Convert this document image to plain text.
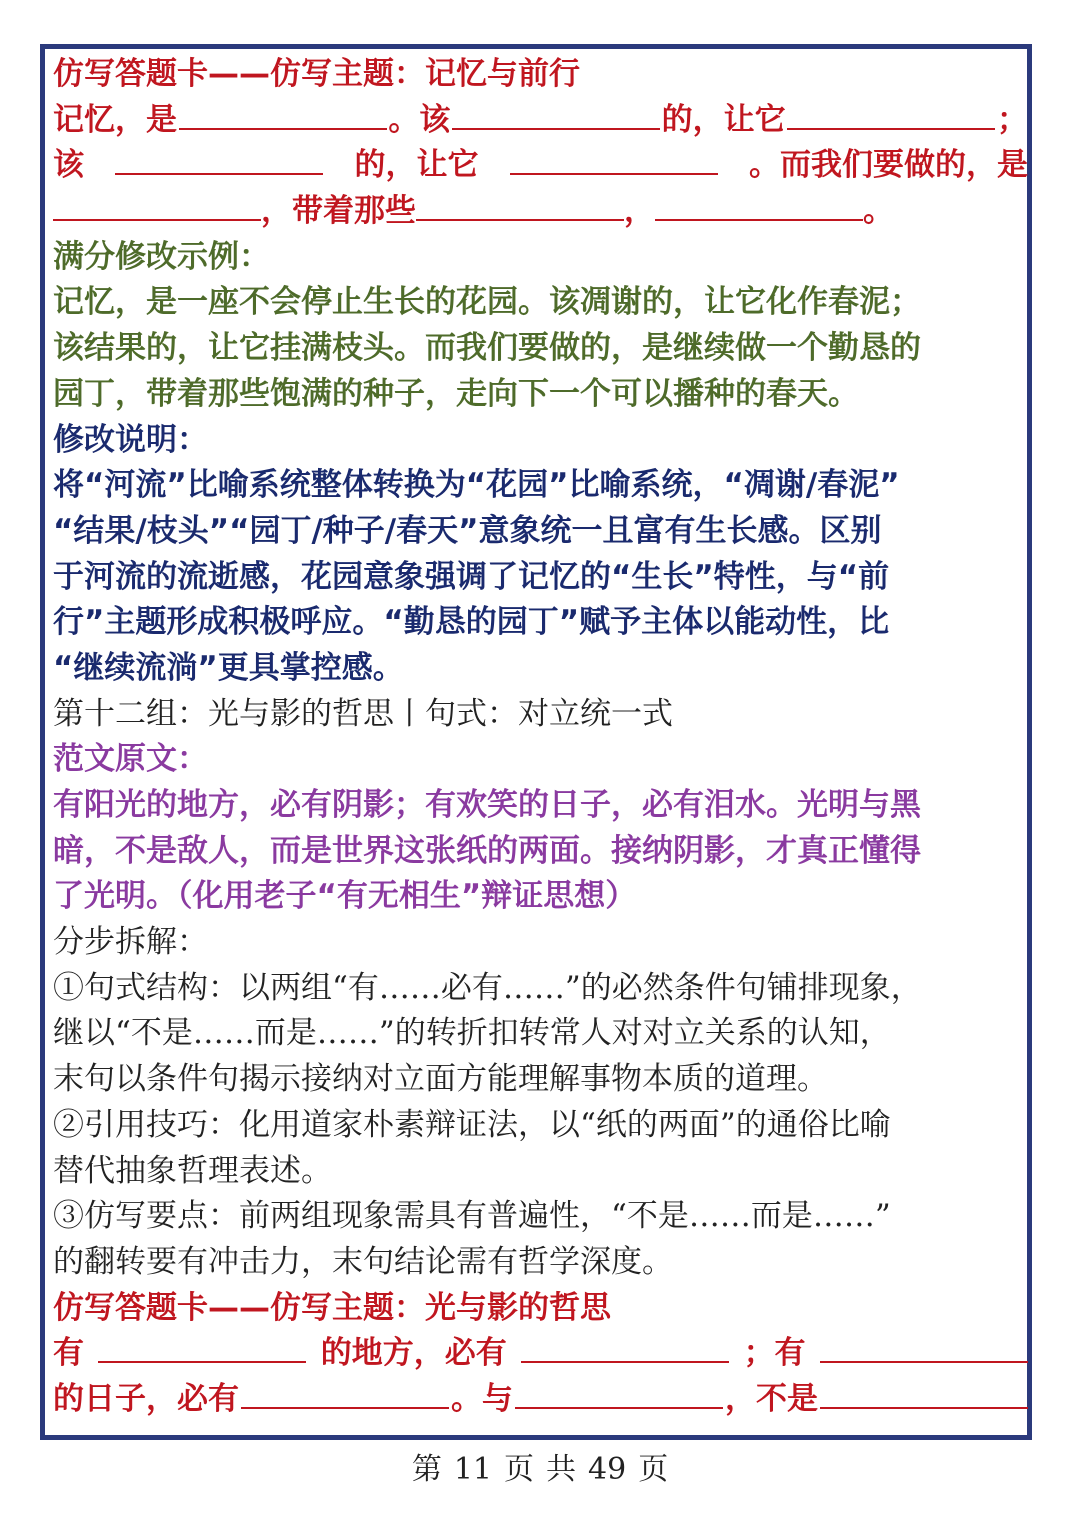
仿写答题卡——仿写主题：记忆与前行
记忆，是	。该	的，让它	；
该	的，让它	。而我们要做的，是
，带着那些	，	。
满分修改示例：
记忆，是一座不会停止生长的花园。该凋谢的，让它化作春泥；
该结果的，让它挂满枝头。而我们要做的，是继续做一个勤恳的
园丁，带着那些饱满的种子，走向下一个可以播种的春天。
修改说明：
将“河流”比喻系统整体转换为“花园”比喻系统，“凋谢/春泥”
“结果/枝头”“园丁/种子/春天”意象统一且富有生长感。区别
于河流的流逝感，花园意象强调了记忆的“生长”特性，与“前
行”主题形成积极呼应。“勤恳的园丁”赋予主体以能动性，比
“继续流淌”更具掌控感。
第十二组：光与影的哲思丨句式：对立统一式
范文原文：
有阳光的地方，必有阴影；有欢笑的日子，必有泪水。光明与黑
暗，不是敌人，而是世界这张纸的两面。接纳阴影，才真正懂得
了光明。（化用老子“有无相生”辩证思想）
分步拆解：
①句式结构：以两组“有……必有……”的必然条件句铺排现象，
继以“不是……而是……”的转折扣转常人对对立关系的认知，
末句以条件句揭示接纳对立面方能理解事物本质的道理。
②引用技巧：化用道家朴素辩证法，以“纸的两面”的通俗比喻
替代抽象哲理表述。
③仿写要点：前两组现象需具有普遍性，“不是……而是……”
的翻转要有冲击力，末句结论需有哲学深度。
仿写答题卡——仿写主题：光与影的哲思
有	的地方，必有	；有
的日子，必有	。与	，不是
第 11 页 共 49 页
